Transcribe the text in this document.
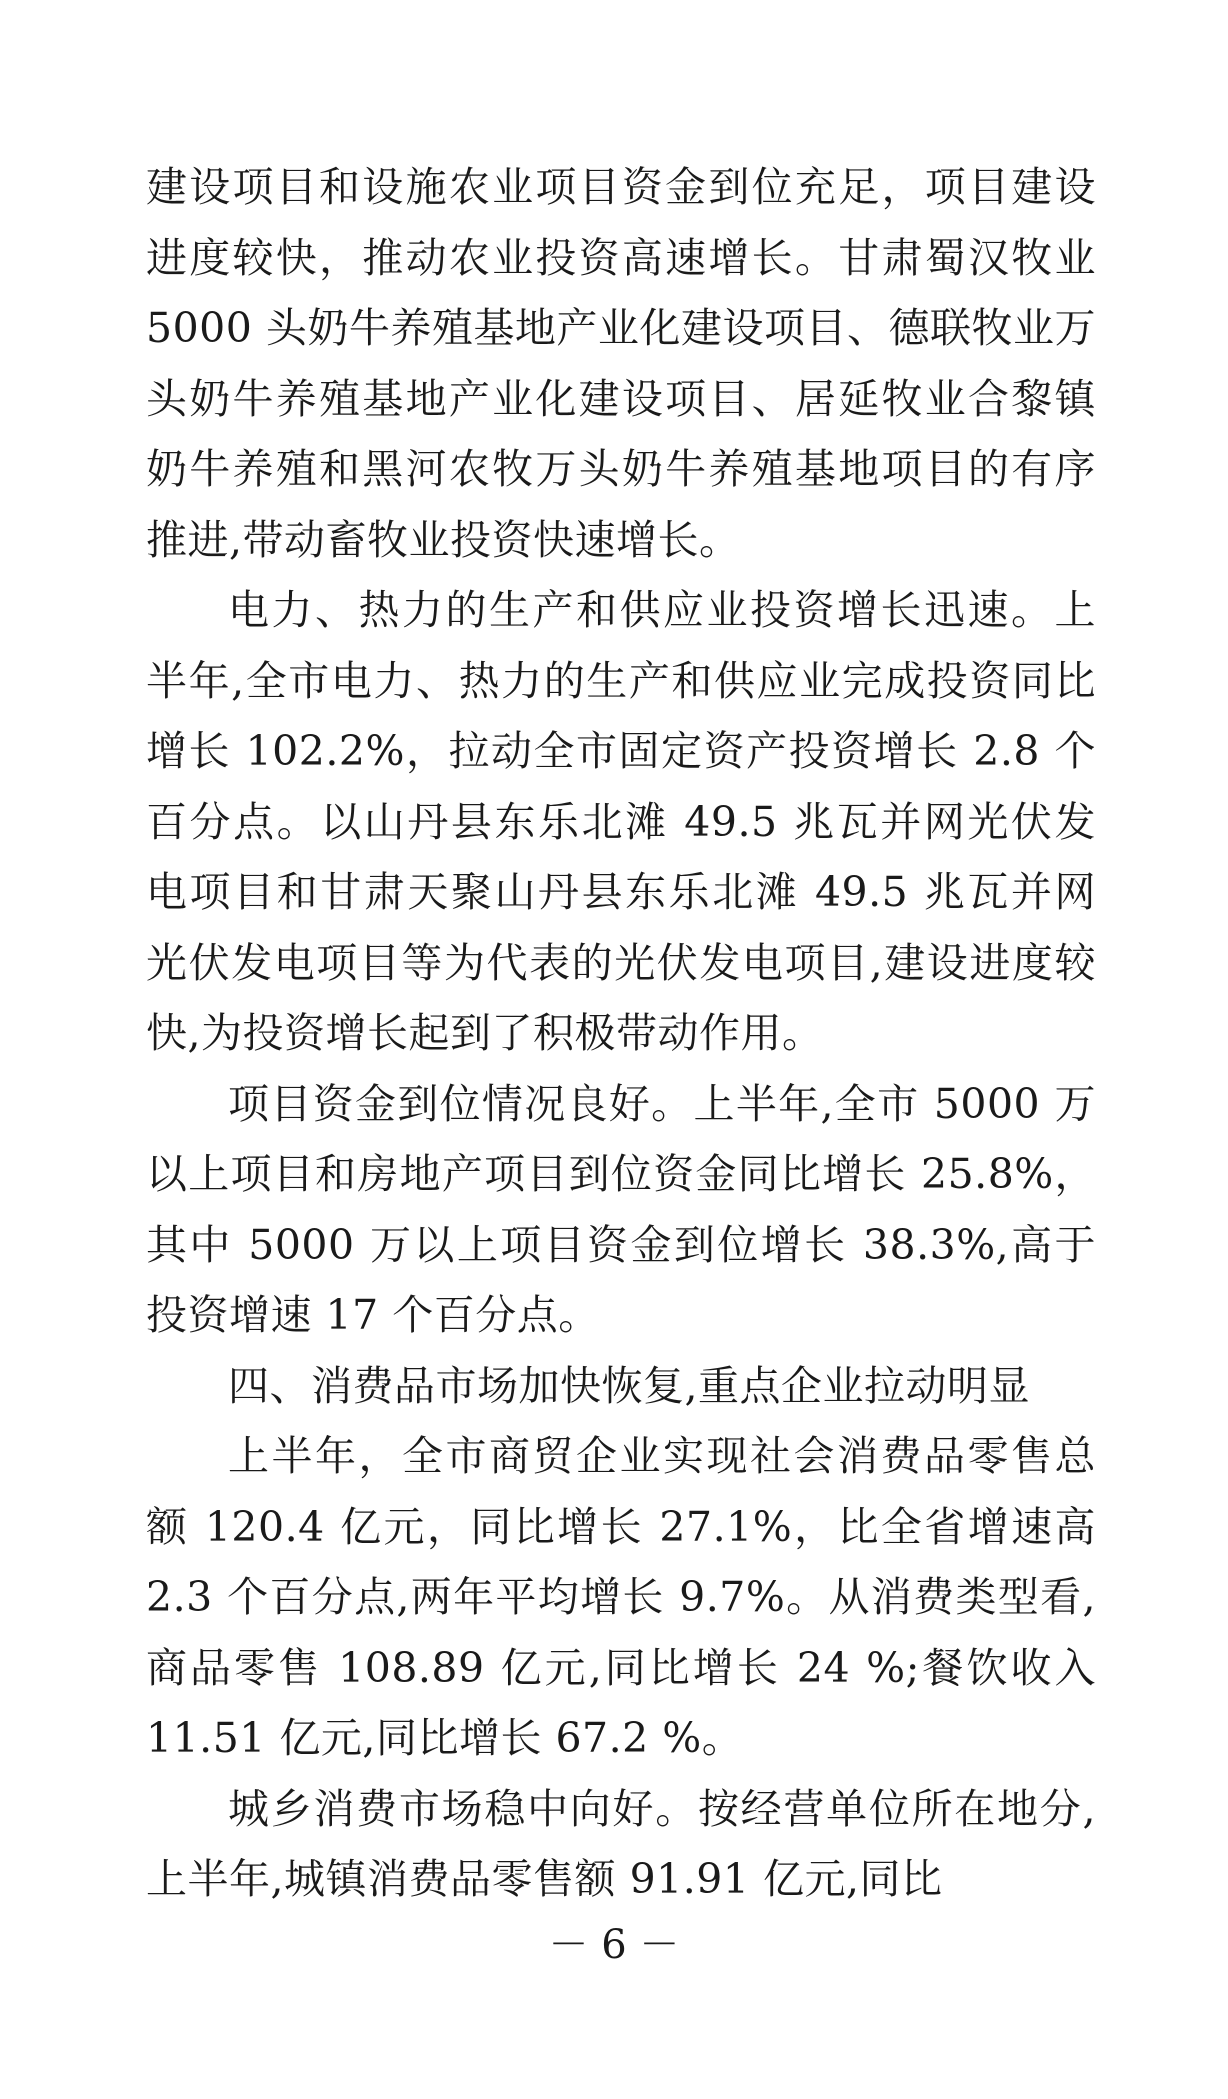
建设项目和设施农业项目资金到位充足，项目建设进度较快，推动农业投资高速增长。甘肃蜀汉牧业 5000 头奶牛养殖基地产业化建设项目、德联牧业万头奶牛养殖基地产业化建设项目、居延牧业合黎镇奶牛养殖和黑河农牧万头奶牛养殖基地项目的有序推进,带动畜牧业投资快速增长。

电力、热力的生产和供应业投资增长迅速。上半年,全市电力、热力的生产和供应业完成投资同比增长 102.2%，拉动全市固定资产投资增长 2.8 个百分点。以山丹县东乐北滩 49.5 兆瓦并网光伏发电项目和甘肃天聚山丹县东乐北滩 49.5 兆瓦并网光伏发电项目等为代表的光伏发电项目,建设进度较快,为投资增长起到了积极带动作用。

项目资金到位情况良好。上半年,全市 5000 万以上项目和房地产项目到位资金同比增长 25.8%，其中 5000 万以上项目资金到位增长 38.3%,高于投资增速 17 个百分点。

四、消费品市场加快恢复,重点企业拉动明显

上半年，全市商贸企业实现社会消费品零售总额 120.4 亿元，同比增长 27.1%，比全省增速高 2.3 个百分点,两年平均增长 9.7%。从消费类型看,商品零售 108.89 亿元,同比增长 24 %;餐饮收入 11.51 亿元,同比增长 67.2 %。

城乡消费市场稳中向好。按经营单位所在地分,上半年,城镇消费品零售额 91.91 亿元,同比

－ 6 －
